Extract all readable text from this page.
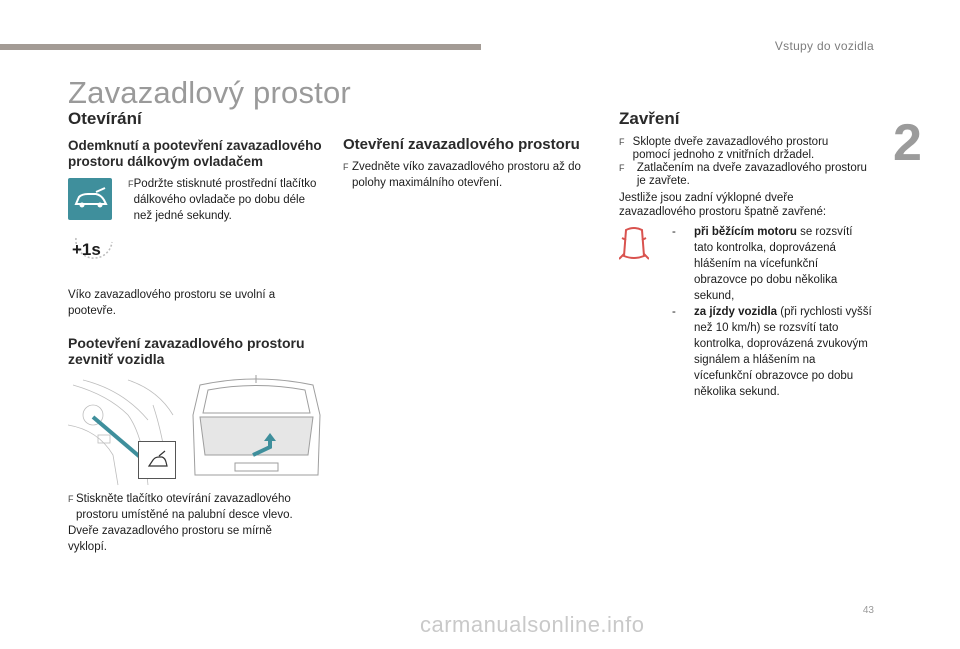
Vstupy do vozidla
2
Zavazadlový prostor
Otevírání
Odemknutí a pootevření zavazadlového prostoru dálkovým ovladačem
F Podržte stisknuté prostřední tlačítko dálkového ovladače po dobu déle než jedné sekundy.
+1s
Víko zavazadlového prostoru se uvolní a pootevře.
Pootevření zavazadlového prostoru zevnitř vozidla
F Stiskněte tlačítko otevírání zavazadlového prostoru umístěné na palubní desce vlevo.
Dveře zavazadlového prostoru se mírně vyklopí.
Otevření zavazadlového prostoru
F Zvedněte víko zavazadlového prostoru až do polohy maximálního otevření.
Zavření
F Sklopte dveře zavazadlového prostoru pomocí jednoho z vnitřních držadel.
F	Zatlačením na dveře zavazadlového prostoru je zavřete.
Jestliže jsou zadní výklopné dveře zavazadlového prostoru špatně zavřené:
-	při běžícím motoru se rozsvítí tato kontrolka, doprovázená hlášením na vícefunkční obrazovce po dobu několika sekund,
-	za jízdy vozidla (při rychlosti vyšší než 10 km/h) se rozsvítí tato kontrolka, doprovázená zvukovým signálem a hlášením na vícefunkční obrazovce po dobu několika sekund.
43
carmanualsonline.info
